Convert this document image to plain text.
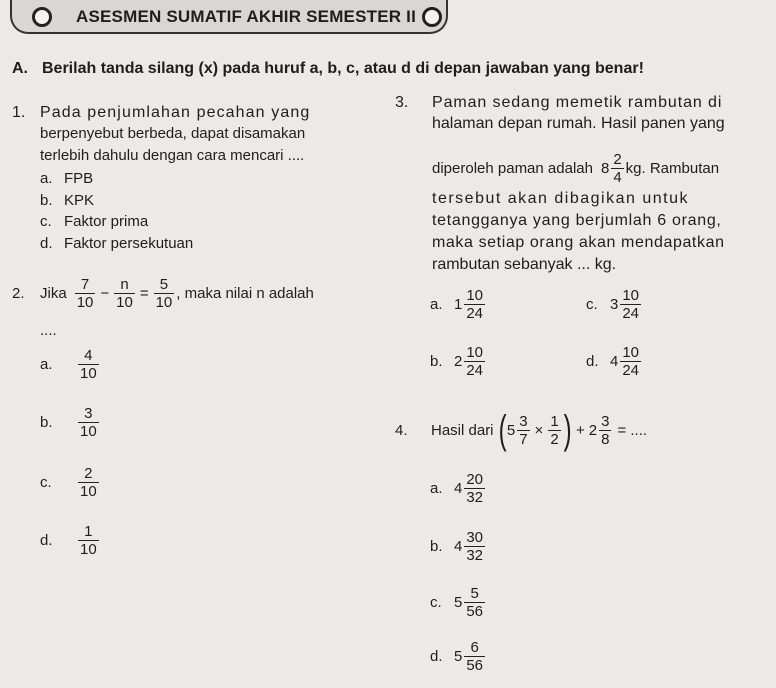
ASESMEN SUMATIF AKHIR SEMESTER II
A. Berilah tanda silang (x) pada huruf a, b, c, atau d di depan jawaban yang benar!
1. Pada penjumlahan pecahan yang
berpenyebut berbeda, dapat disamakan
terlebih dahulu dengan cara mencari ....
a. FPB
b. KPK
c. Faktor prima
d. Faktor persekutuan
2.	Jika $\frac{7}{10} - \frac{n}{10} = \frac{5}{10}$ , maka nilai n adalah
....
a.	$\frac{4}{10}$
b.	$\frac{3}{10}$
c.	$\frac{2}{10}$
d.	$\frac{1}{10}$
3. Paman sedang memetik rambutan di
halaman depan rumah. Hasil panen yang
diperoleh paman adalah $8 \frac{2}{4}$ kg. Rambutan
tersebut akan dibagikan untuk
tetangganya yang berjumlah 6 orang,
maka setiap orang akan mendapatkan
rambutan sebanyak ... kg.
a. $1 \frac{10}{24}$
b. $2 \frac{10}{24}$
c. $3 \frac{10}{24}$
d. $4 \frac{10}{24}$
4.	Hasil dari ( $5 \frac{3}{7} \times \frac{1}{2}$ ) + $2 \frac{3}{8}$ = ....
a. $4 \frac{20}{32}$
b. $4 \frac{30}{32}$
c. $5 \frac{5}{56}$
d. $5 \frac{6}{56}$
